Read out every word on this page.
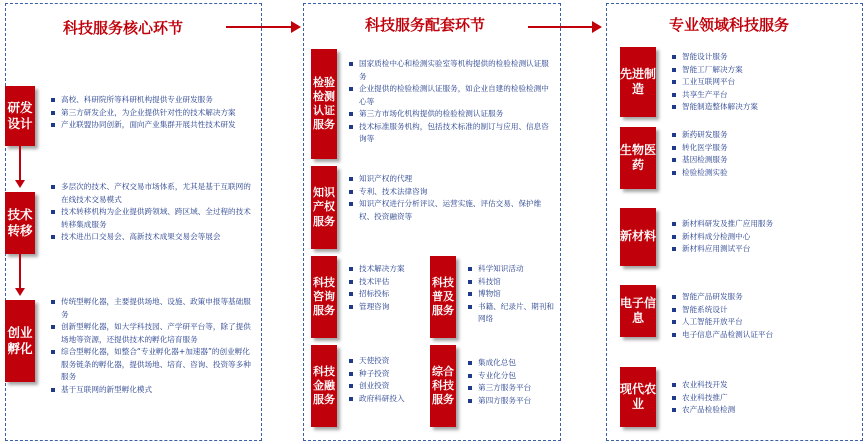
科技服务核心环节
研发设计
高校、科研院所等科研机构提供专业研发服务
第三方研发企业，为企业提供针对性的技术解决方案
产业联盟协同创新，面向产业集群开展共性技术研发
技术转移
多层次的技术、产权交易市场体系，尤其是基于互联网的在线技术交易模式
技术转移机构为企业提供跨领域、跨区域、全过程的技术转移集成服务
技术进出口交易会、高新技术成果交易会等展会
创业孵化
传统型孵化器，主要提供场地、设施、政策申报等基础服务
创新型孵化器，如大学科技园、产学研平台等，除了提供场地等资源，还提供技术的孵化培育服务
综合型孵化器，如整合“专业孵化器+加速器”的创业孵化服务链条的孵化器，提供场地、培育、咨询、投资等多种服务
基于互联网的新型孵化模式
科技服务配套环节
检验检测认证服务
国家质检中心和检测实验室等机构提供的检验检测认证服务
企业提供的检验检测认证服务，如企业自建的检验检测中心等
第三方市场化机构提供的检验检测认证服务
技术标准服务机构，包括技术标准的制订与应用、信息咨询等
知识产权服务
知识产权的代理
专利、技术法律咨询
知识产权进行分析评议、运营实施、评估交易、保护维权、投资融资等
科技咨询服务
技术解决方案
技术评估
招标投标
管理咨询
科技普及服务
科学知识活动
科技馆
博物馆
书籍、纪录片、期刊和网络
科技金融服务
天使投资
种子投资
创业投资
政府科研投入
综合科技服务
集成化总包
专业化分包
第三方服务平台
第四方服务平台
专业领域科技服务
先进制造
智能设计服务
智能工厂解决方案
工业互联网平台
共享生产平台
智能制造整体解决方案
生物医药
新药研发服务
转化医学服务
基因检测服务
检验检测实验
新材料
新材料研发及推广应用服务
新材料成分检测中心
新材料应用测试平台
电子信息
智能产品研发服务
智能系统设计
人工智能开放平台
电子信息产品检测认证平台
现代农业
农业科技开发
农业科技推广
农产品检验检测
